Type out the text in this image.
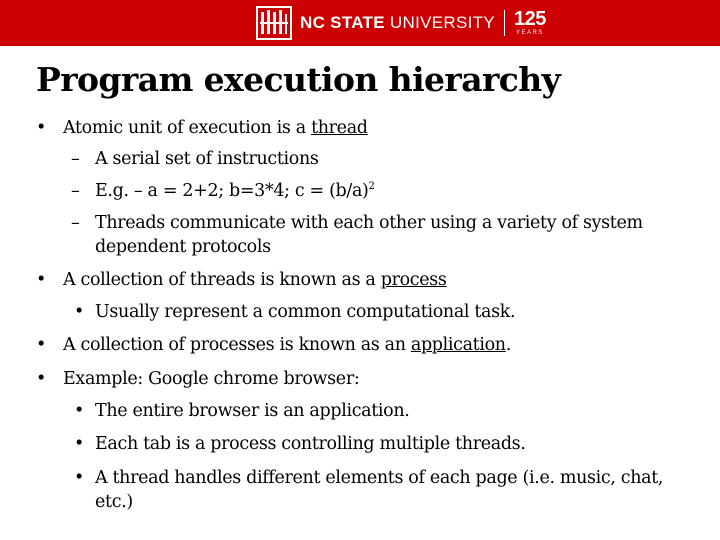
NC STATE UNIVERSITY 125
YEARS
Program execution hierarchy
• Atomic unit of execution is a thread
– A serial set of instructions
– E.g. – a = 2+2; b=3*4; $c = (b/a)^2$
– Threads communicate with each other using a variety of system
dependent protocols
• A collection of threads is known as a process
• Usually represent a common computational task.
• A collection of processes is known as an application.
• Example: Google chrome browser:
• The entire browser is an application.
• Each tab is a process controlling multiple threads.
• A thread handles different elements of each page (i.e. music, chat,
etc.)
